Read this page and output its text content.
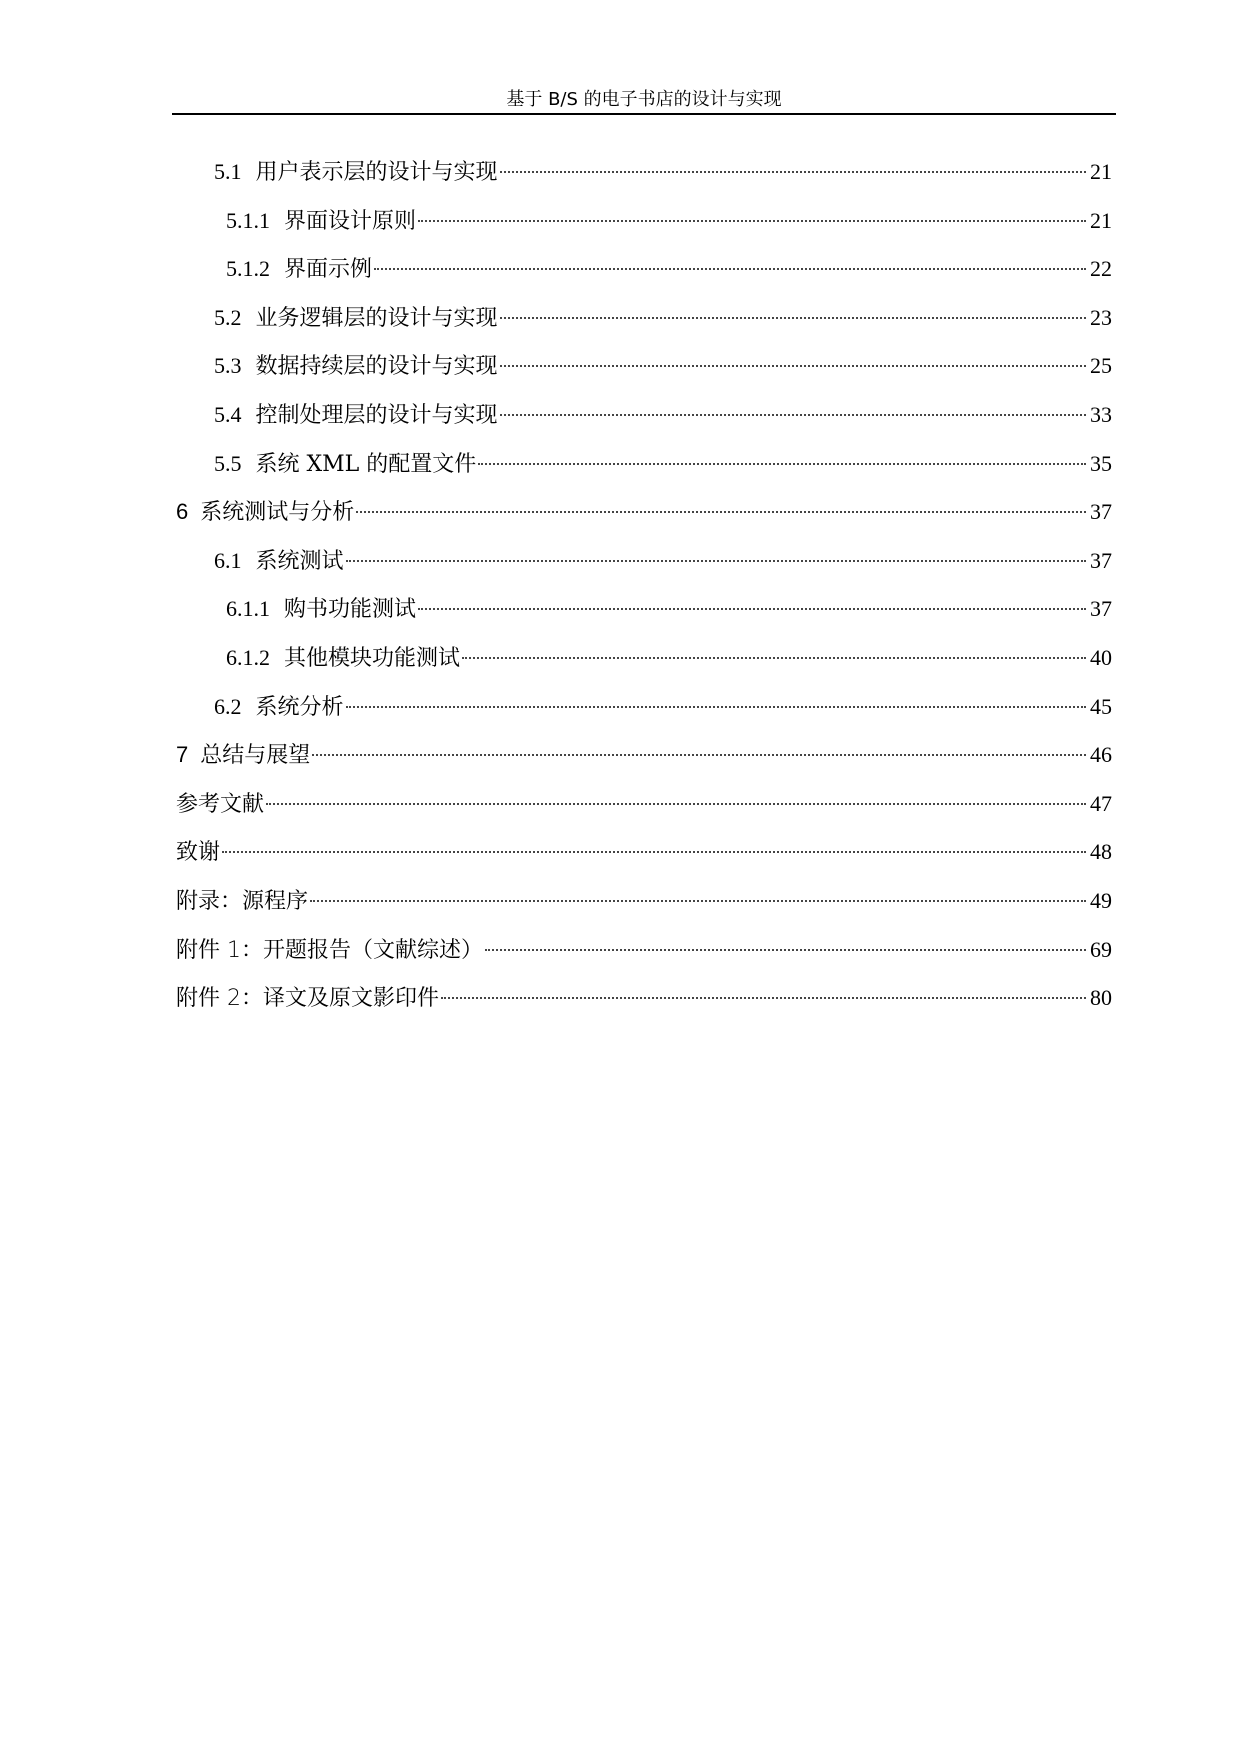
基于 B/S 的电子书店的设计与实现
5.1 用户表示层的设计与实现	21
5.1.1 界面设计原则	21
5.1.2 界面示例	22
5.2 业务逻辑层的设计与实现	23
5.3 数据持续层的设计与实现	25
5.4 控制处理层的设计与实现	33
5.5 系统 XML 的配置文件	35
6 系统测试与分析	37
6.1 系统测试	37
6.1.1 购书功能测试	37
6.1.2 其他模块功能测试	40
6.2 系统分析	45
7 总结与展望	46
参考文献	47
致谢	48
附录：源程序	49
附件 1：开题报告（文献综述）	69
附件 2：译文及原文影印件	80
